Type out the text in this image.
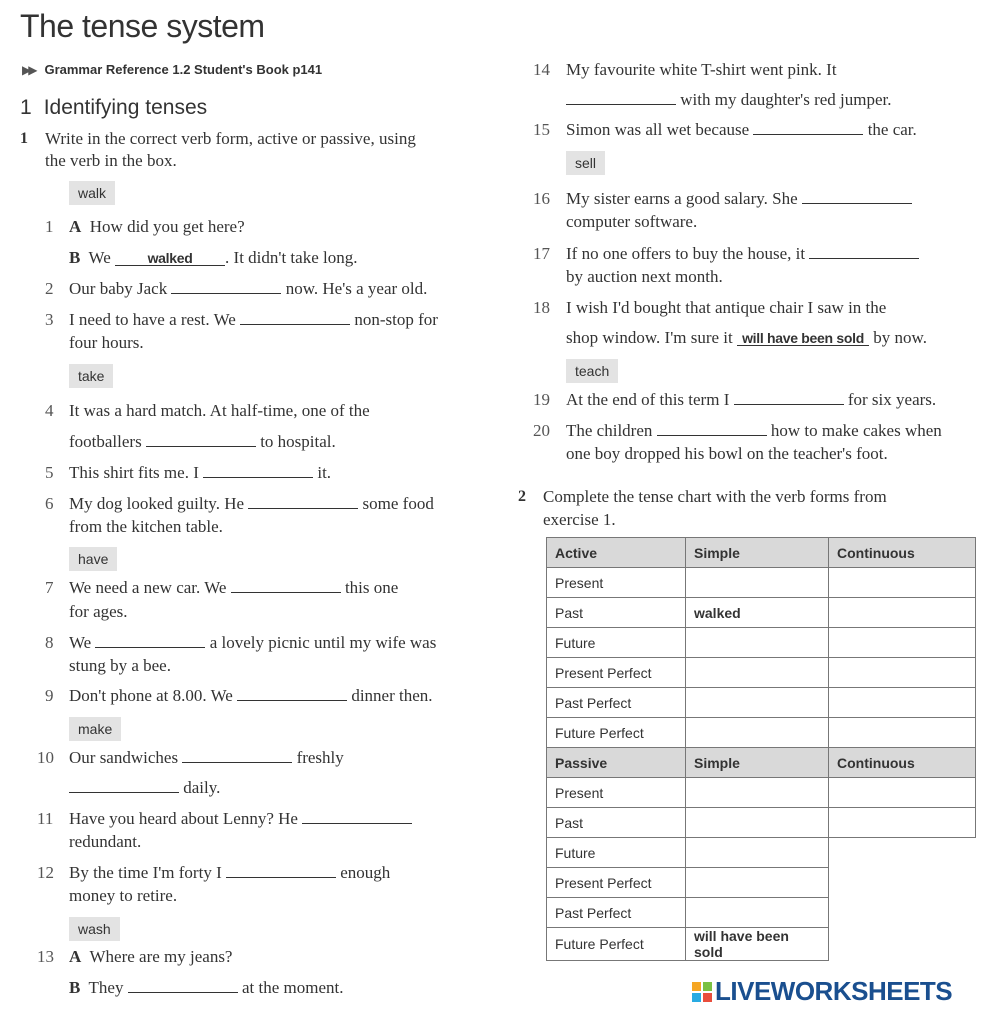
The tense system
▶▶ Grammar Reference 1.2 Student's Book p141
1 Identifying tenses
1 Write in the correct verb form, active or passive, using
the verb in the box.
walk
1 A How did you get here?
B We	walked . It didn't take long.
2 Our baby Jack	now. He's a year old.
3 I need to have a rest. We	non-stop for
four hours.
take
4 It was a hard match. At half-time, one of the
footballers	to hospital.
5 This shirt fits me. I	it.
6 My dog looked guilty. He	some food
from the kitchen table.
have
7 We need a new car. We	this one
for ages.
8 We	a lovely picnic until my wife was
stung by a bee.
9 Don't phone at 8.00. We	dinner then.
make
10 Our sandwiches	freshly
daily.
11 Have you heard about Lenny? He
redundant.
12 By the time I'm forty I	enough
money to retire.
wash
13 A Where are my jeans?
B They	at the moment.
14 My favourite white T-shirt went pink. It
with my daughter's red jumper.
15 Simon was all wet because	the car.
sell
16 My sister earns a good salary. She
computer software.
17 If no one offers to buy the house, it
by auction next month.
18 I wish I'd bought that antique chair I saw in the
shop window. I'm sure it will have been sold by now.
teach
19 At the end of this term I	for six years.
20 The children	how to make cakes when
one boy dropped his bowl on the teacher's foot.
2 Complete the tense chart with the verb forms from
exercise 1.
Active	Simple	Continuous
Present		
Past	walked	
Future		
Present Perfect		
Past Perfect		
Future Perfect		
Passive	Simple	Continuous
Present		
Past		
Future		
Present Perfect		
Past Perfect		
Future Perfect	will have been sold	
LIVEWORKSHEETS
